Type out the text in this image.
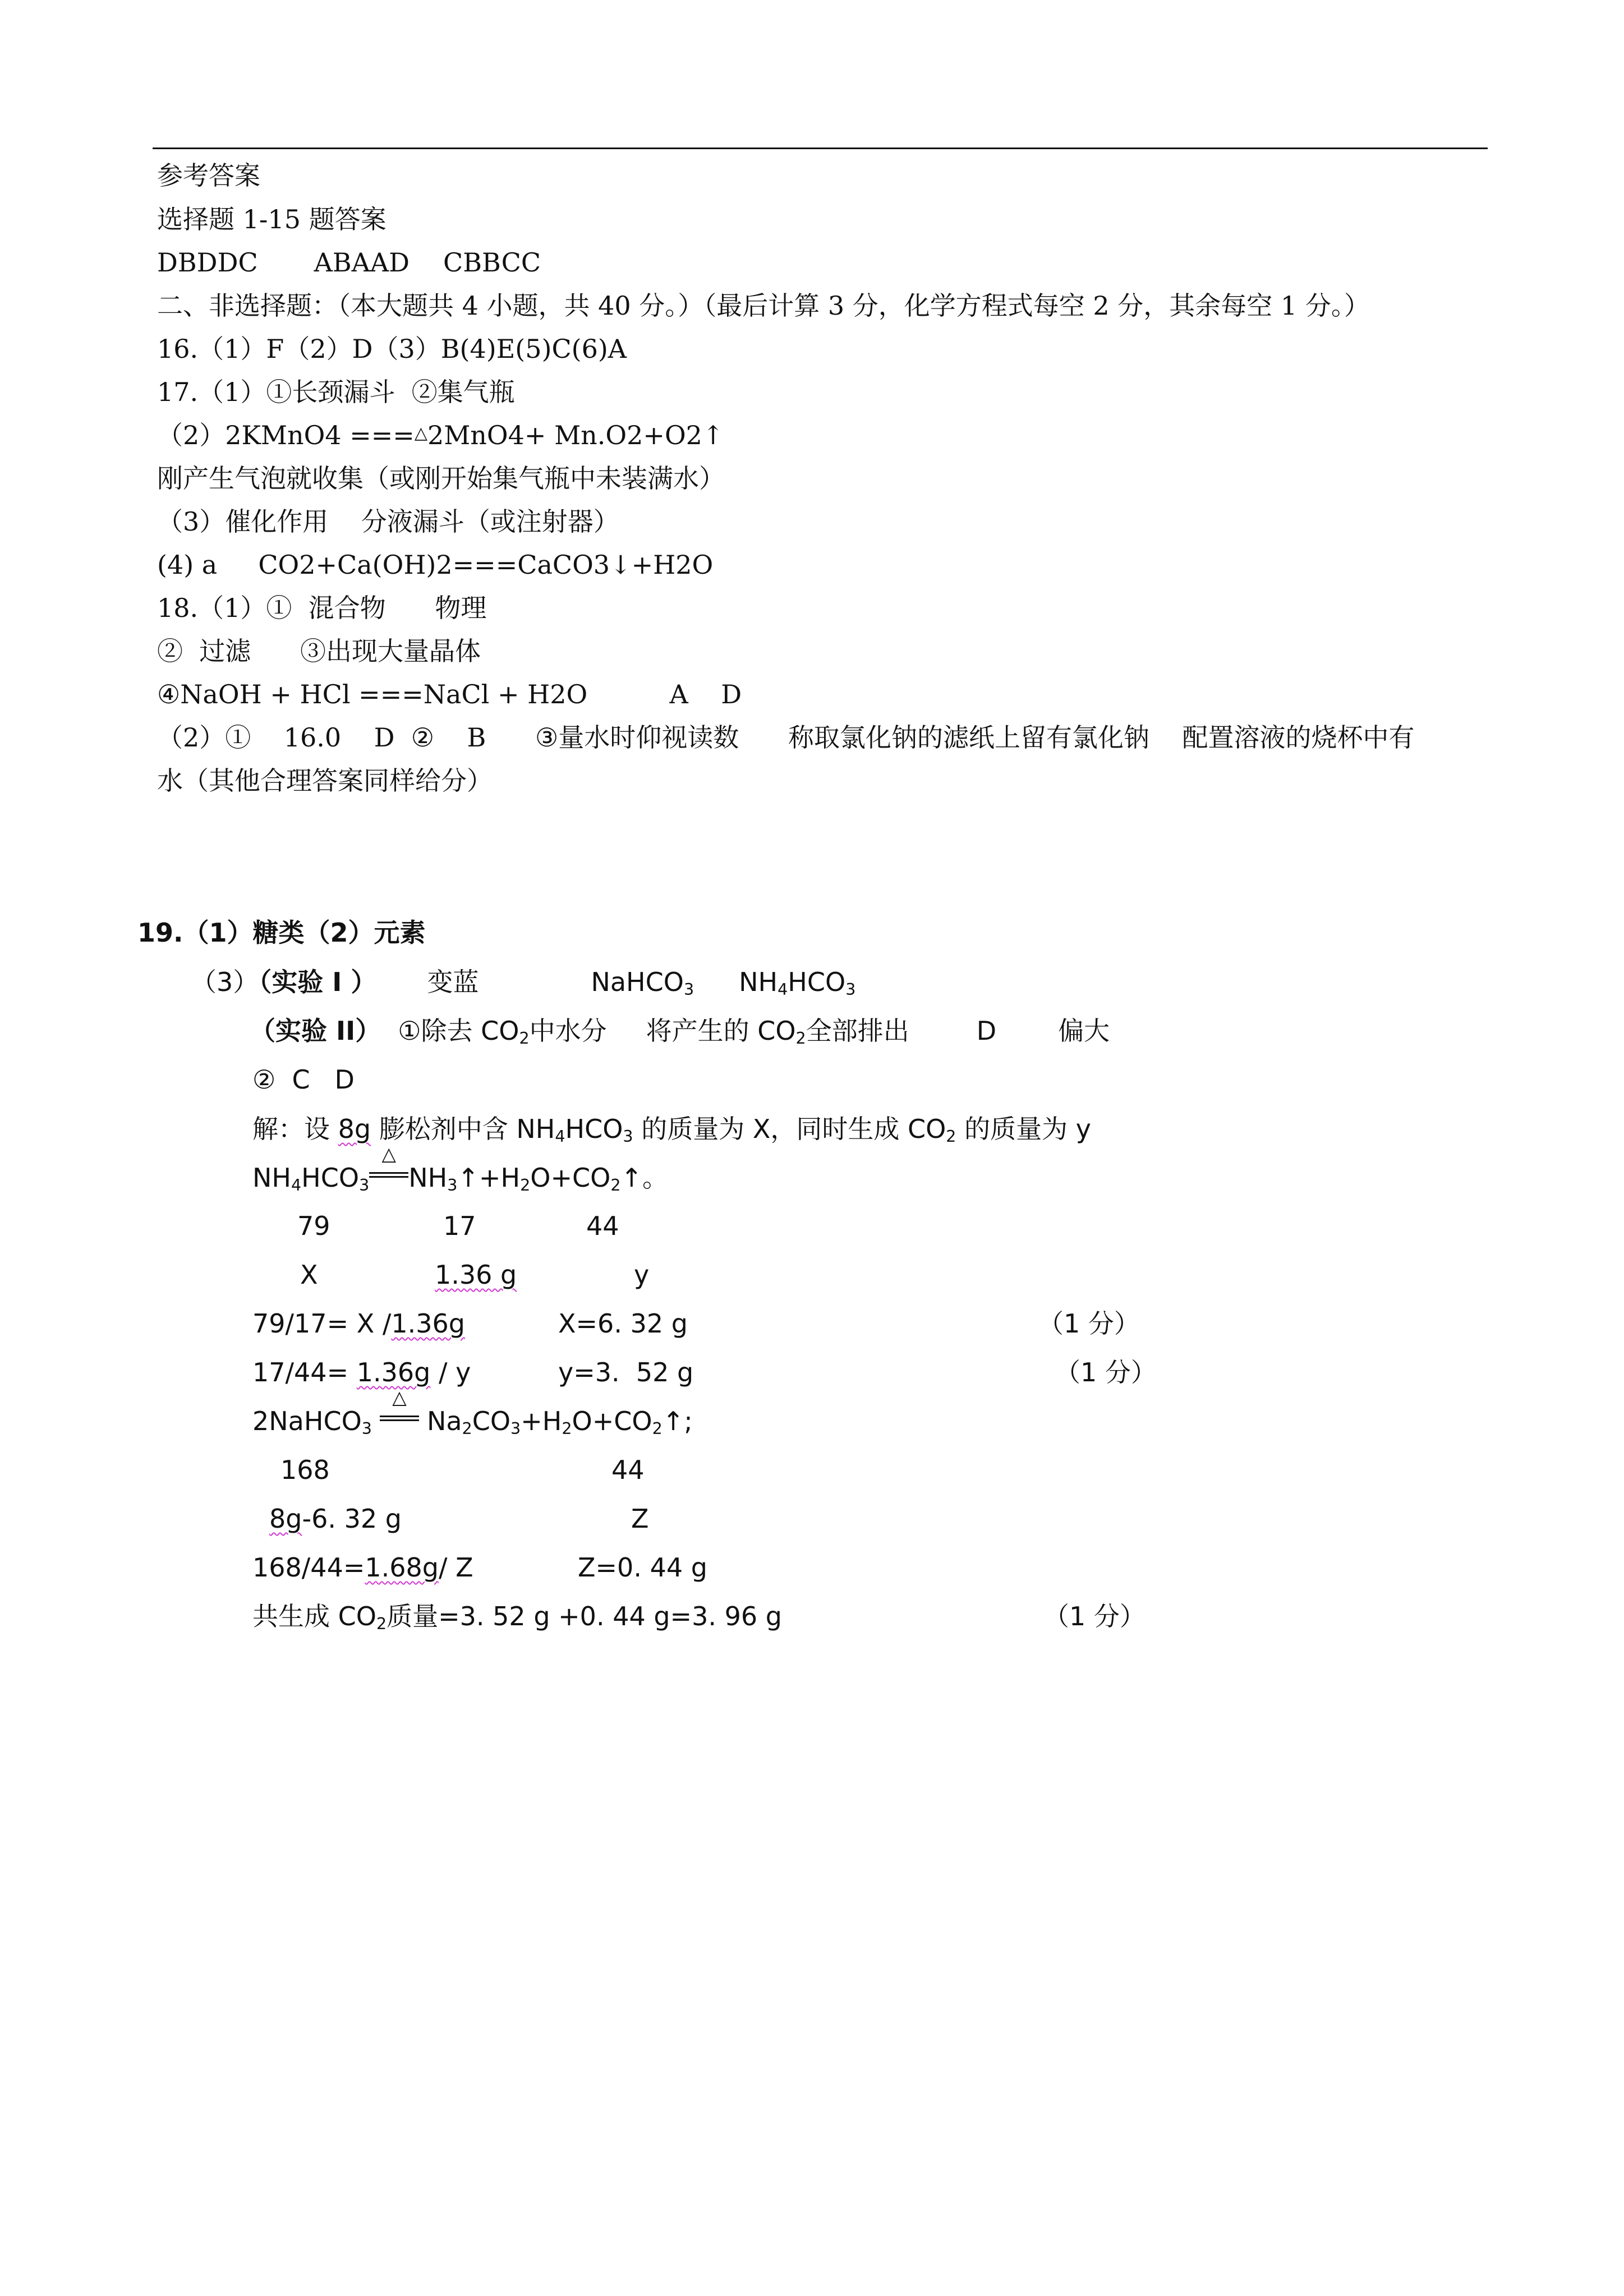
参考答案
选择题 1-15 题答案
DBDDC ABAAD CBBCC
二、非选择题：（本大题共 4 小题，共 40 分。）（最后计算 3 分，化学方程式每空 2 分，其余每空 1 分。）
16.（1）F（2）D（3）B(4)E(5)C(6)A
17.（1）①长颈漏斗  ②集气瓶
（2）2KMnO4 ===△2MnO4+ Mn.O2+O2↑
刚产生气泡就收集（或刚开始集气瓶中未装满水）
（3）催化作用    分液漏斗（或注射器）
(4) a     CO2+Ca(OH)2===CaCO3↓+H2O
18.（1）①  混合物      物理
②  过滤      ③出现大量晶体
④NaOH + HCl ===NaCl + H2O          A    D
（2）①    16.0    D  ②    B      ③量水时仰视读数      称取氯化钠的滤纸上留有氯化钠    配置溶液的烧杯中有
水（其他合理答案同样给分）
19.（1）糖类（2）元素
（3）（实验 I ） 变蓝	NaHCO$_3$ $NH_4HCO_3$
（实验 II） ①除去 $CO_2$中水分 将产生的 $CO_2$全部排出	D 偏大
②  C   D
解：设 8g 膨松剂中含 $NH_4HCO_3$ 的质量为 X，同时生成 $CO_2$ 的质量为 y
$NH_4HCO_3$
△
$NH_3↑+H_2O+CO_2↑$。
79	17	44
X	1.36 g	y
79/17= X /1.36g	X=6. 32 g	（1 分）
17/44= 1.36g / y	y=3.  52 g	（1 分）
2NaHCO$_3$
△
$Na_2CO_3+H_2O+CO_2↑$;
168	44
8g-6. 32 g	Z
168/44=1.68g/ Z	Z=0. 44 g
共生成 $CO_2$质量=3. 52 g +0. 44 g=3. 96 g	（1 分）
